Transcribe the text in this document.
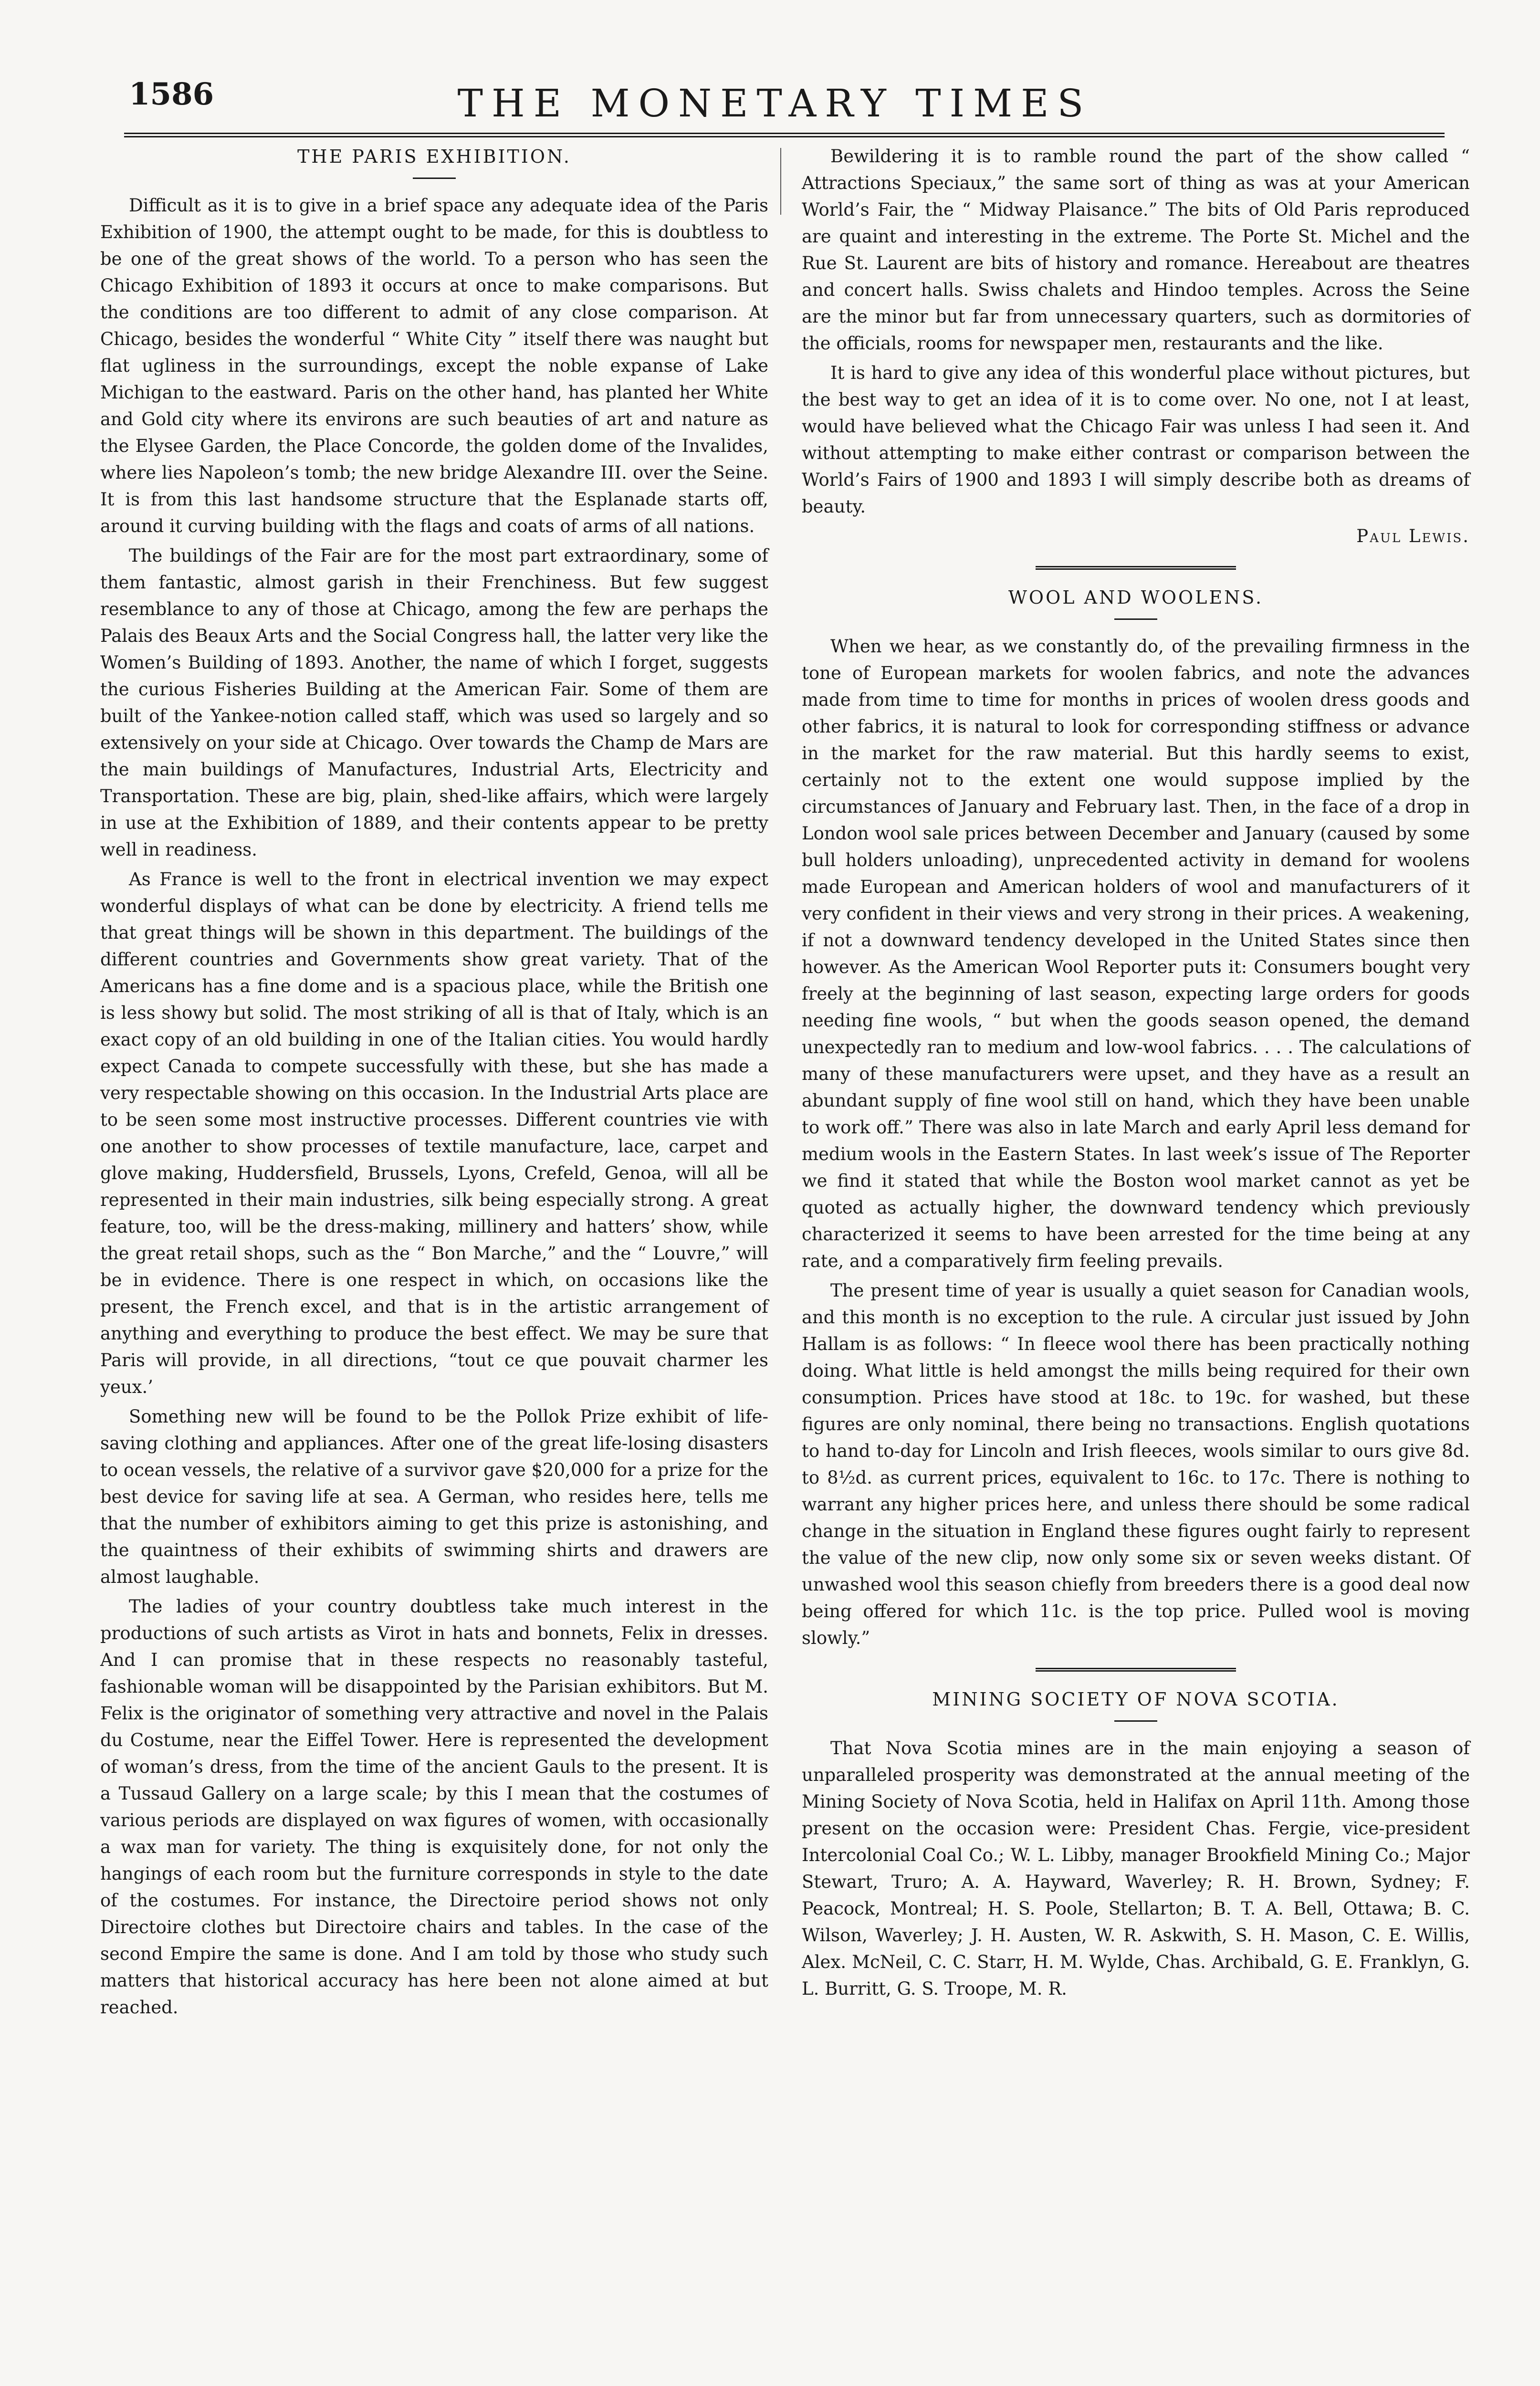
1586	THE MONETARY TIMES
THE PARIS EXHIBITION.

Difficult as it is to give in a brief space any adequate idea of the Paris Exhibition of 1900, the attempt ought to be made, for this is doubtless to be one of the great shows of the world. To a person who has seen the Chicago Exhibition of 1893 it occurs at once to make comparisons. But the conditions are too different to admit of any close comparison. At Chicago, besides the wonderful “ White City ” itself there was naught but flat ugliness in the surroundings, except the noble expanse of Lake Michigan to the eastward. Paris on the other hand, has planted her White and Gold city where its environs are such beauties of art and nature as the Elysee Garden, the Place Concorde, the golden dome of the Invalides, where lies Napoleon’s tomb; the new bridge Alexandre III. over the Seine. It is from this last handsome structure that the Esplanade starts off, around it curving building with the flags and coats of arms of all nations.

The buildings of the Fair are for the most part extraordinary, some of them fantastic, almost garish in their Frenchiness. But few suggest resemblance to any of those at Chicago, among the few are perhaps the Palais des Beaux Arts and the Social Congress hall, the latter very like the Women’s Building of 1893. Another, the name of which I forget, suggests the curious Fisheries Building at the American Fair. Some of them are built of the Yankee-notion called staff, which was used so largely and so extensively on your side at Chicago. Over towards the Champ de Mars are the main buildings of Manufactures, Industrial Arts, Electricity and Transportation. These are big, plain, shed-like affairs, which were largely in use at the Exhibition of 1889, and their contents appear to be pretty well in readiness.

As France is well to the front in electrical invention we may expect wonderful displays of what can be done by electricity. A friend tells me that great things will be shown in this department. The buildings of the different countries and Governments show great variety. That of the Americans has a fine dome and is a spacious place, while the British one is less showy but solid. The most striking of all is that of Italy, which is an exact copy of an old building in one of the Italian cities. You would hardly expect Canada to compete successfully with these, but she has made a very respectable showing on this occasion. In the Industrial Arts place are to be seen some most instructive processes. Different countries vie with one another to show processes of textile manufacture, lace, carpet and glove making, Huddersfield, Brussels, Lyons, Crefeld, Genoa, will all be represented in their main industries, silk being especially strong. A great feature, too, will be the dress-making, millinery and hatters’ show, while the great retail shops, such as the “ Bon Marche,” and the “ Louvre,” will be in evidence. There is one respect in which, on occasions like the present, the French excel, and that is in the artistic arrangement of anything and everything to produce the best effect. We may be sure that Paris will provide, in all directions, “tout ce que pouvait charmer les yeux.’

Something new will be found to be the Pollok Prize exhibit of life-saving clothing and appliances. After one of the great life-losing disasters to ocean vessels, the relative of a survivor gave $20,000 for a prize for the best device for saving life at sea. A German, who resides here, tells me that the number of exhibitors aiming to get this prize is astonishing, and the quaintness of their exhibits of swimming shirts and drawers are almost laughable.

The ladies of your country doubtless take much interest in the productions of such artists as Virot in hats and bonnets, Felix in dresses. And I can promise that in these respects no reasonably tasteful, fashionable woman will be disappointed by the Parisian exhibitors. But M. Felix is the originator of something very attractive and novel in the Palais du Costume, near the Eiffel Tower. Here is represented the development of woman’s dress, from the time of the ancient Gauls to the present. It is a Tussaud Gallery on a large scale; by this I mean that the costumes of various periods are displayed on wax figures of women, with occasionally a wax man for variety. The thing is exquisitely done, for not only the hangings of each room but the furniture corresponds in style to the date of the costumes. For instance, the Directoire period shows not only Directoire clothes but Directoire chairs and tables. In the case of the second Empire the same is done. And I am told by those who study such matters that historical accuracy has here been not alone aimed at but reached.

Bewildering it is to ramble round the part of the show called “ Attractions Speciaux,” the same sort of thing as was at your American World’s Fair, the “ Midway Plaisance.” The bits of Old Paris reproduced are quaint and interesting in the extreme. The Porte St. Michel and the Rue St. Laurent are bits of history and romance. Hereabout are theatres and concert halls. Swiss chalets and Hindoo temples. Across the Seine are the minor but far from unnecessary quarters, such as dormitories of the officials, rooms for newspaper men, restaurants and the like.

It is hard to give any idea of this wonderful place without pictures, but the best way to get an idea of it is to come over. No one, not I at least, would have believed what the Chicago Fair was unless I had seen it. And without attempting to make either contrast or comparison between the World’s Fairs of 1900 and 1893 I will simply describe both as dreams of beauty.

Paul Lewis.
WOOL AND WOOLENS.

When we hear, as we constantly do, of the prevailing firmness in the tone of European markets for woolen fabrics, and note the advances made from time to time for months in prices of woolen dress goods and other fabrics, it is natural to look for corresponding stiffness or advance in the market for the raw material. But this hardly seems to exist, certainly not to the extent one would suppose implied by the circumstances of January and February last. Then, in the face of a drop in London wool sale prices between December and January (caused by some bull holders unloading), unprecedented activity in demand for woolens made European and American holders of wool and manufacturers of it very confident in their views and very strong in their prices. A weakening, if not a downward tendency developed in the United States since then however. As the American Wool Reporter puts it: Consumers bought very freely at the beginning of last season, expecting large orders for goods needing fine wools, “ but when the goods season opened, the demand unexpectedly ran to medium and low-wool fabrics. . . . The calculations of many of these manufacturers were upset, and they have as a result an abundant supply of fine wool still on hand, which they have been unable to work off.” There was also in late March and early April less demand for medium wools in the Eastern States. In last week’s issue of The Reporter we find it stated that while the Boston wool market cannot as yet be quoted as actually higher, the downward tendency which previously characterized it seems to have been arrested for the time being at any rate, and a comparatively firm feeling prevails.

The present time of year is usually a quiet season for Canadian wools, and this month is no exception to the rule. A circular just issued by John Hallam is as follows: “ In fleece wool there has been practically nothing doing. What little is held amongst the mills being required for their own consumption. Prices have stood at 18c. to 19c. for washed, but these figures are only nominal, there being no transactions. English quotations to hand to-day for Lincoln and Irish fleeces, wools similar to ours give 8d. to 8½d. as current prices, equivalent to 16c. to 17c. There is nothing to warrant any higher prices here, and unless there should be some radical change in the situation in England these figures ought fairly to represent the value of the new clip, now only some six or seven weeks distant. Of unwashed wool this season chiefly from breeders there is a good deal now being offered for which 11c. is the top price. Pulled wool is moving slowly.”

MINING SOCIETY OF NOVA SCOTIA.

That Nova Scotia mines are in the main enjoying a season of unparalleled prosperity was demonstrated at the annual meeting of the Mining Society of Nova Scotia, held in Halifax on April 11th. Among those present on the occasion were: President Chas. Fergie, vice-president Intercolonial Coal Co.; W. L. Libby, manager Brookfield Mining Co.; Major Stewart, Truro; A. A. Hayward, Waverley; R. H. Brown, Sydney; F. Peacock, Montreal; H. S. Poole, Stellarton; B. T. A. Bell, Ottawa; B. C. Wilson, Waverley; J. H. Austen, W. R. Askwith, S. H. Mason, C. E. Willis, Alex. McNeil, C. C. Starr, H. M. Wylde, Chas. Archibald, G. E. Franklyn, G. L. Burritt, G. S. Troope, M. R.
